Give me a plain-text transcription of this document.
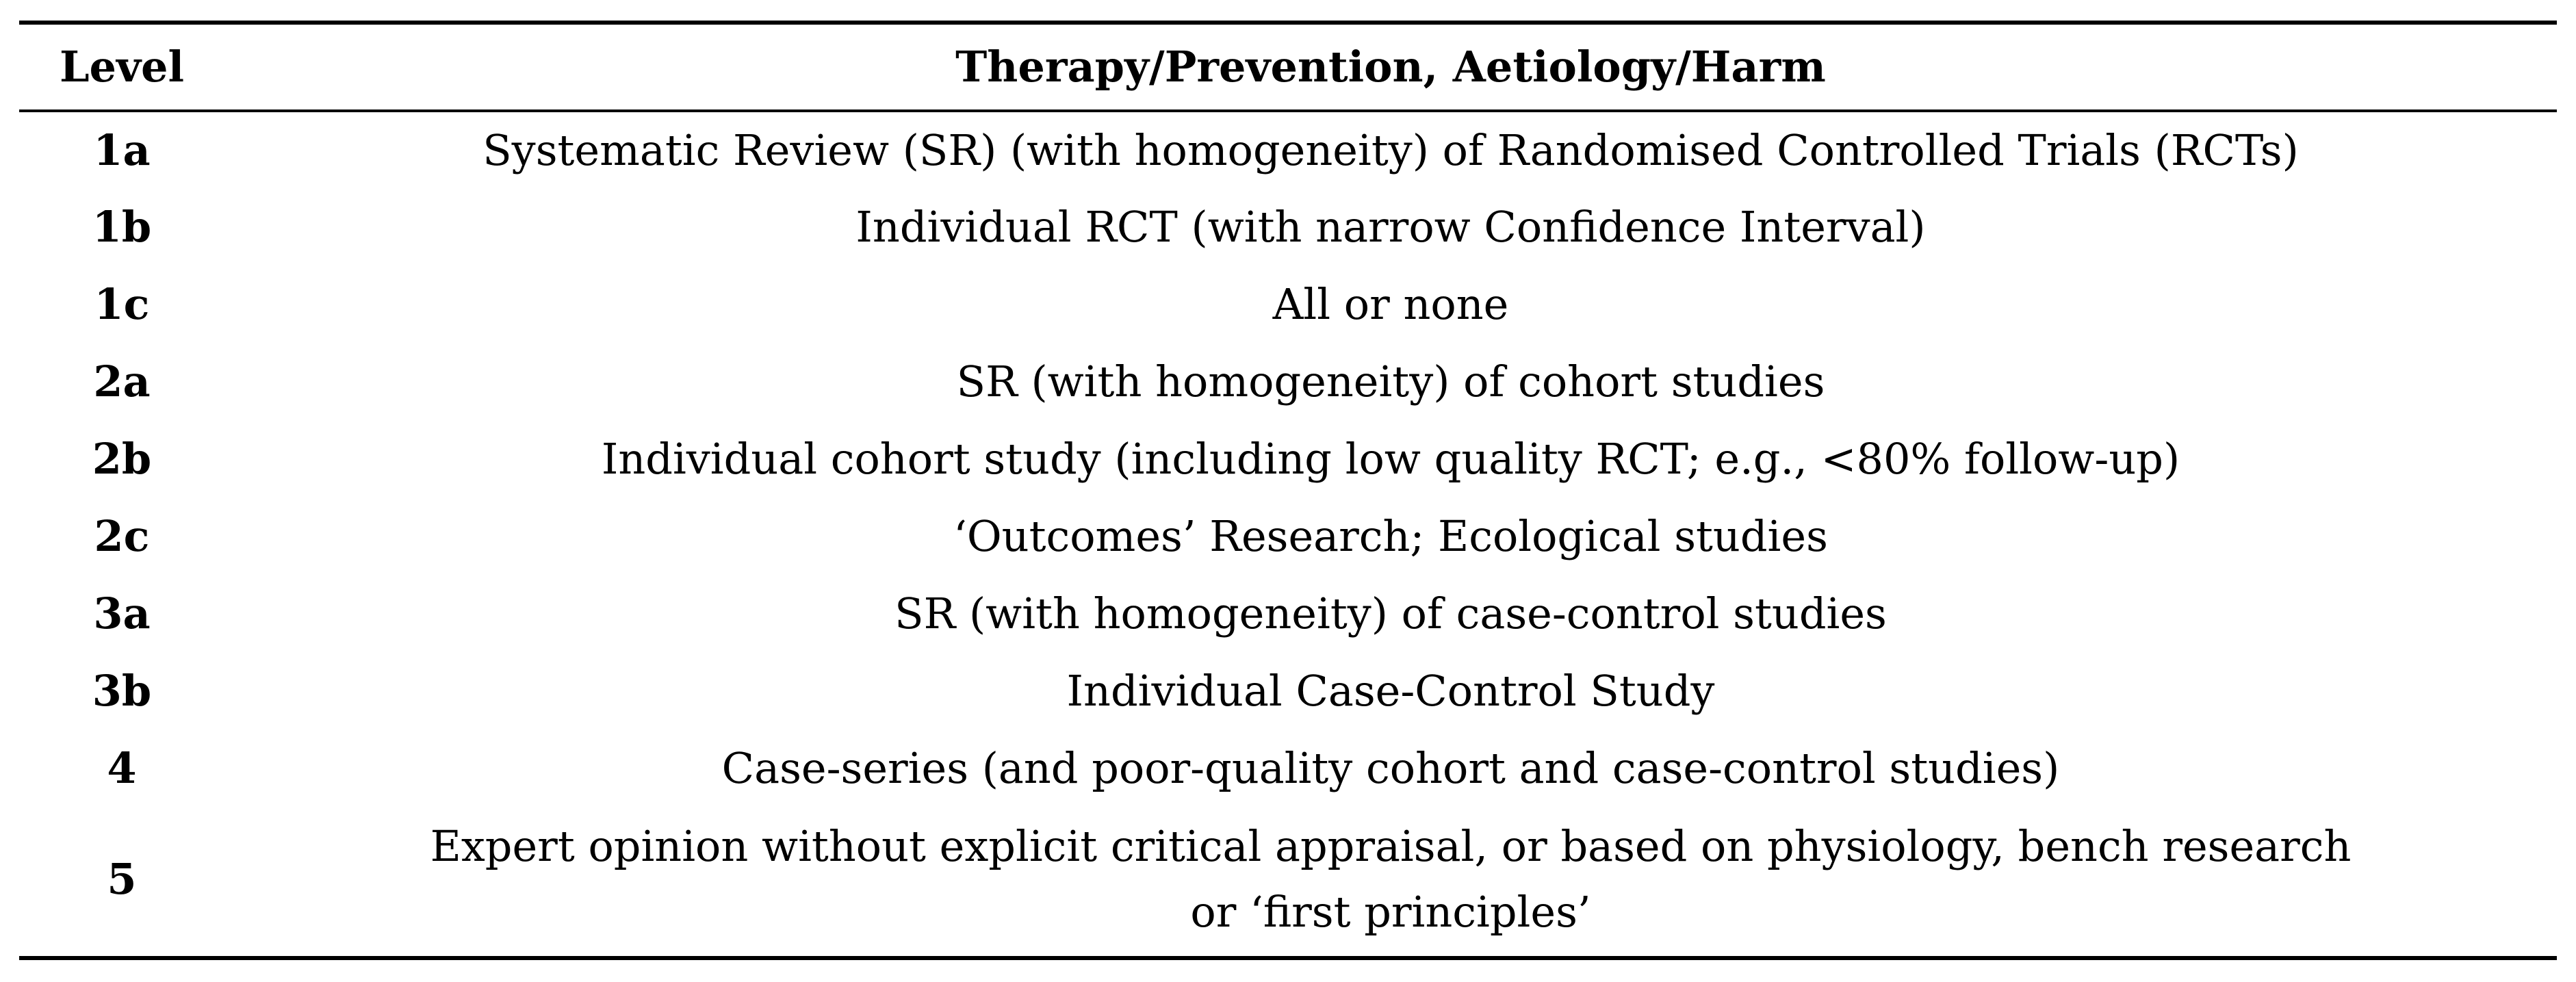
Level	Therapy/Prevention, Aetiology/Harm
1a	Systematic Review (SR) (with homogeneity) of Randomised Controlled Trials (RCTs)
1b	Individual RCT (with narrow Confidence Interval)
1c	All or none
2a	SR (with homogeneity) of cohort studies
2b	Individual cohort study (including low quality RCT; e.g., <80% follow-up)
2c	‘Outcomes’ Research; Ecological studies
3a	SR (with homogeneity) of case-control studies
3b	Individual Case-Control Study
4	Case-series (and poor-quality cohort and case-control studies)
5	Expert opinion without explicit critical appraisal, or based on physiology, bench research
or ‘first principles’
